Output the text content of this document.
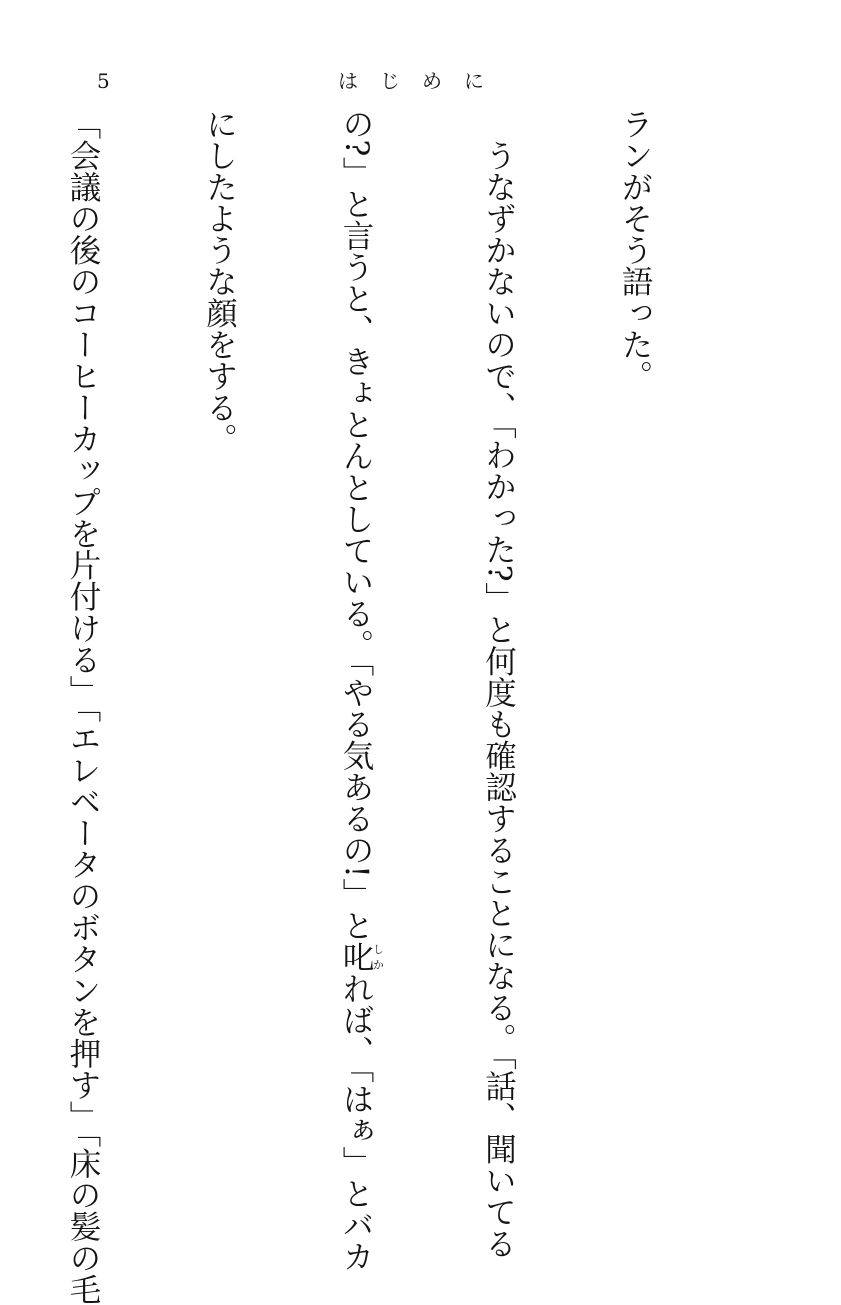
5	はじめに

ランがそう語った。

　うなずかないので、「わかった?」と何度も確認することになる。「話、聞いてる

の?」と言うと、きょとんとしている。「やる気あるの!」と叱しかれば、「はぁ」とバカ

にしたような顔をする。

「会議の後のコーヒーカップを片付ける」「エレベータのボタンを押す」「床の髪の毛
